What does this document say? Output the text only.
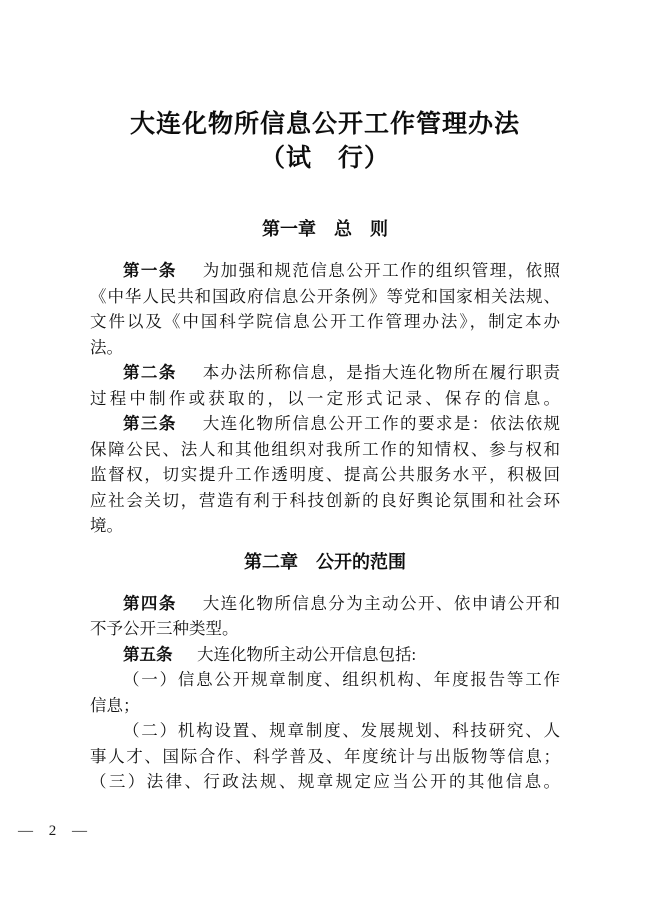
大连化物所信息公开工作管理办法
（试　行）
第一章　总　则
第一条　为加强和规范信息公开工作的组织管理，依照
《中华人民共和国政府信息公开条例》等党和国家相关法规、
文件以及《中国科学院信息公开工作管理办法》，制定本办
法。
第二条　本办法所称信息，是指大连化物所在履行职责
过程中制作或获取的，以一定形式记录、保存的信息。
第三条　大连化物所信息公开工作的要求是：依法依规
保障公民、法人和其他组织对我所工作的知情权、参与权和
监督权，切实提升工作透明度、提高公共服务水平，积极回
应社会关切，营造有利于科技创新的良好舆论氛围和社会环
境。
第二章　公开的范围
第四条　大连化物所信息分为主动公开、依申请公开和
不予公开三种类型。
第五条　大连化物所主动公开信息包括:
（一）信息公开规章制度、组织机构、年度报告等工作
信息；
（二）机构设置、规章制度、发展规划、科技研究、人
事人才、国际合作、科学普及、年度统计与出版物等信息；
（三）法律、行政法规、规章规定应当公开的其他信息。
— 2 —
